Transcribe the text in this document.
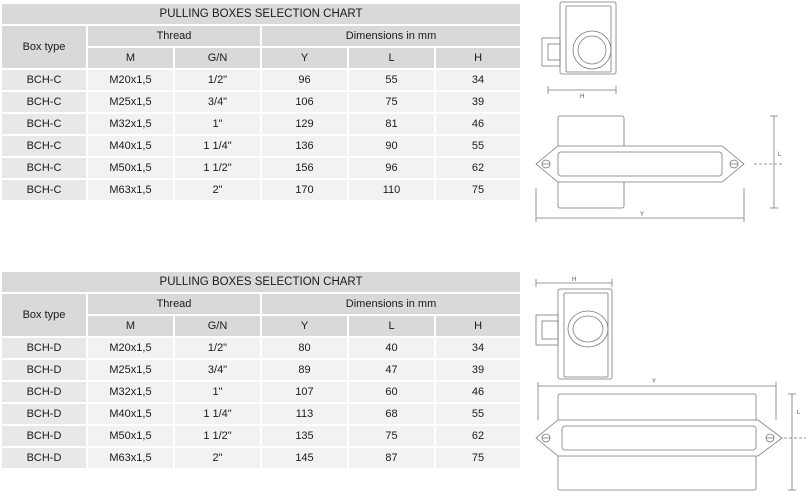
PULLING BOXES SELECTION CHART					
Box type	Thread		Dimensions in mm		
	M	G/N	Y	L	H
BCH-C	M20x1,5	1/2"	96	55	34
BCH-C	M25x1,5	3/4"	106	75	39
BCH-C	M32x1,5	1"	129	81	46
BCH-C	M40x1,5	1 1/4"	136	90	55
BCH-C	M50x1,5	1 1/2"	156	96	62
BCH-C	M63x1,5	2"	170	110	75
PULLING BOXES SELECTION CHART					
Box type	Thread		Dimensions in mm		
	M	G/N	Y	L	H
BCH-D	M20x1,5	1/2"	80	40	34
BCH-D	M25x1,5	3/4"	89	47	39
BCH-D	M32x1,5	1"	107	60	46
BCH-D	M40x1,5	1 1/4"	113	68	55
BCH-D	M50x1,5	1 1/2"	135	75	62
BCH-D	M63x1,5	2"	145	87	75
H
Y
L
H
Y
L
